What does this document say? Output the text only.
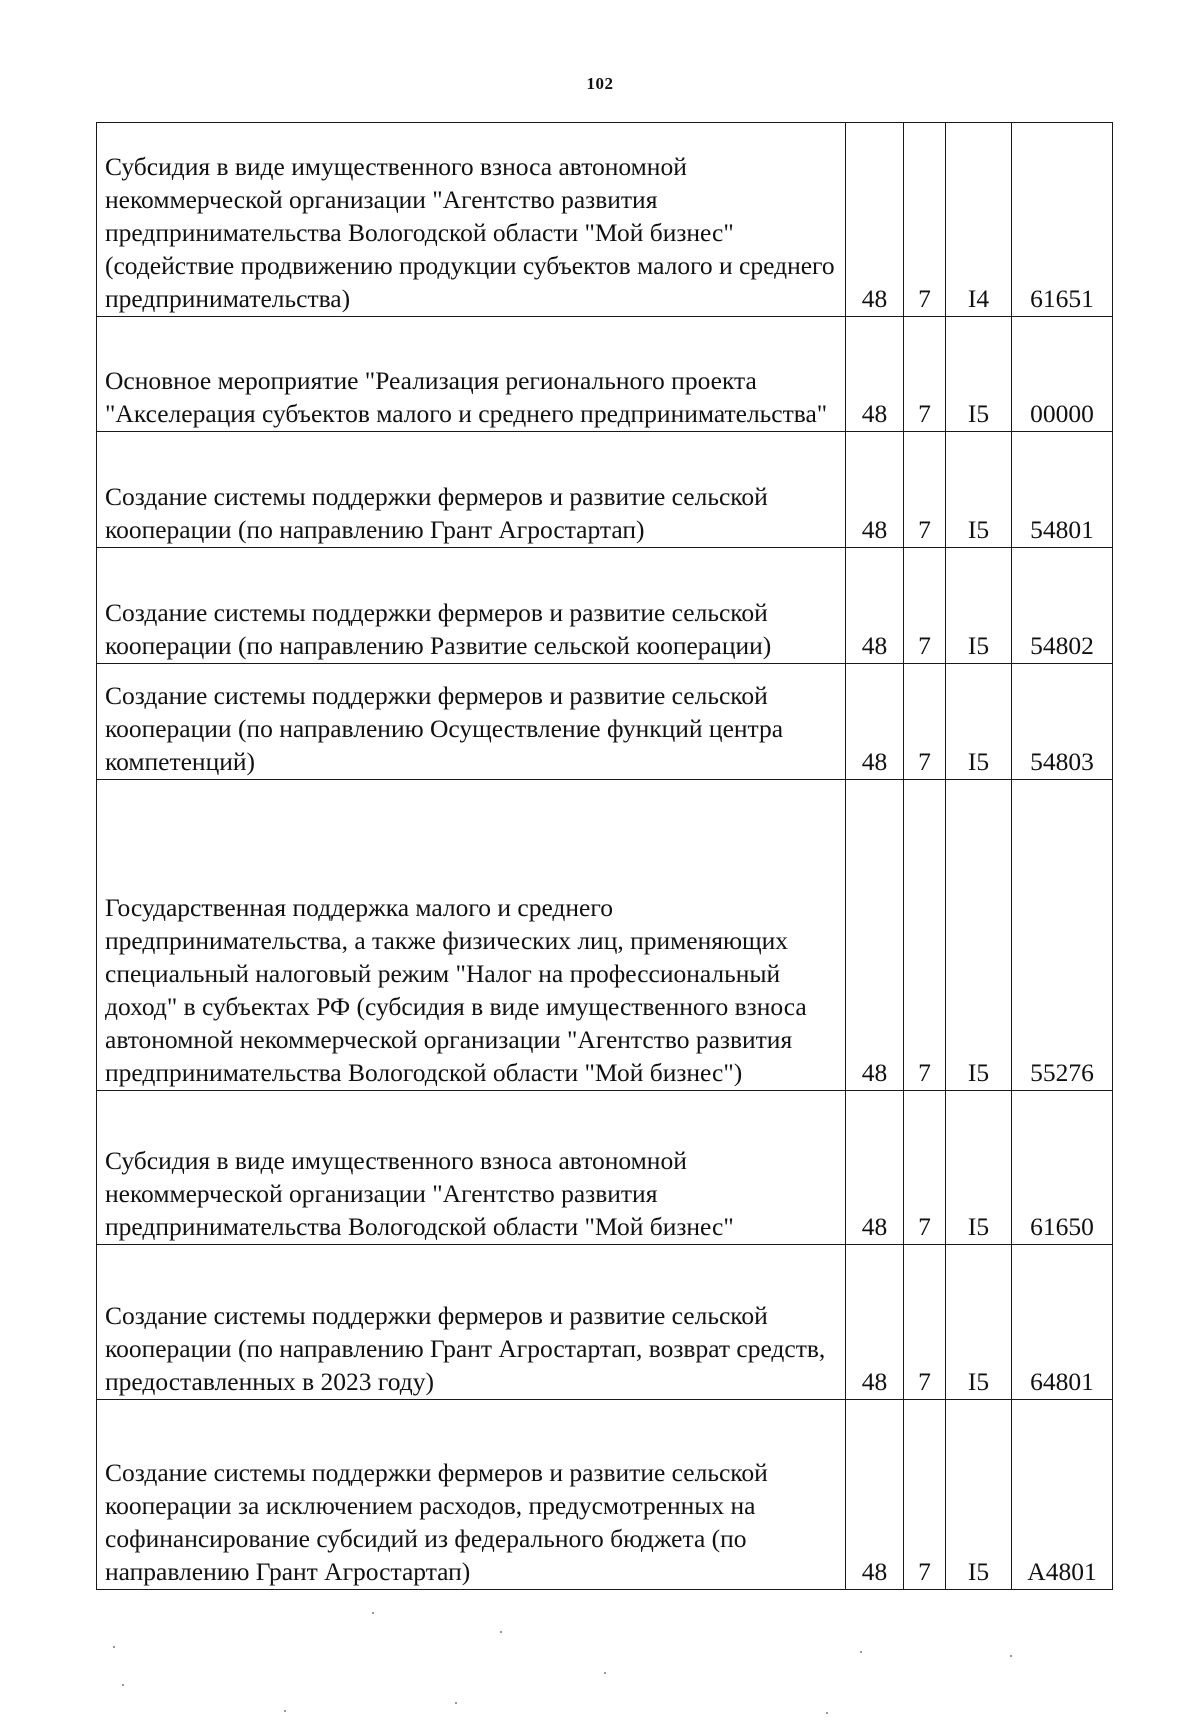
102
Субсидия в виде имущественного взноса автономной некоммерческой организации "Агентство развития предпринимательства Вологодской области "Мой бизнес" (содействие продвижению продукции субъектов малого и среднего предпринимательства)	48	7	I4	61651
Основное мероприятие "Реализация регионального проекта "Акселерация субъектов малого и среднего предпринимательства"	48	7	I5	00000
Создание системы поддержки фермеров и развитие сельской кооперации (по направлению Грант Агростартап)	48	7	I5	54801
Создание системы поддержки фермеров и развитие сельской кооперации (по направлению Развитие сельской кооперации)	48	7	I5	54802
Создание системы поддержки фермеров и развитие сельской кооперации (по направлению Осуществление функций центра компетенций)	48	7	I5	54803
Государственная поддержка малого и среднего предпринимательства, а также физических лиц, применяющих специальный налоговый режим "Налог на профессиональный доход" в субъектах РФ (субсидия в виде имущественного взноса автономной некоммерческой организации "Агентство развития предпринимательства Вологодской области "Мой бизнес")	48	7	I5	55276
Субсидия в виде имущественного взноса автономной некоммерческой организации "Агентство развития предпринимательства Вологодской области "Мой бизнес"	48	7	I5	61650
Создание системы поддержки фермеров и развитие сельской кооперации (по направлению Грант Агростартап, возврат средств, предоставленных в 2023 году)	48	7	I5	64801
Создание системы поддержки фермеров и развитие сельской кооперации за исключением расходов, предусмотренных на софинансирование субсидий из федерального бюджета (по направлению Грант Агростартап)	48	7	I5	A4801
